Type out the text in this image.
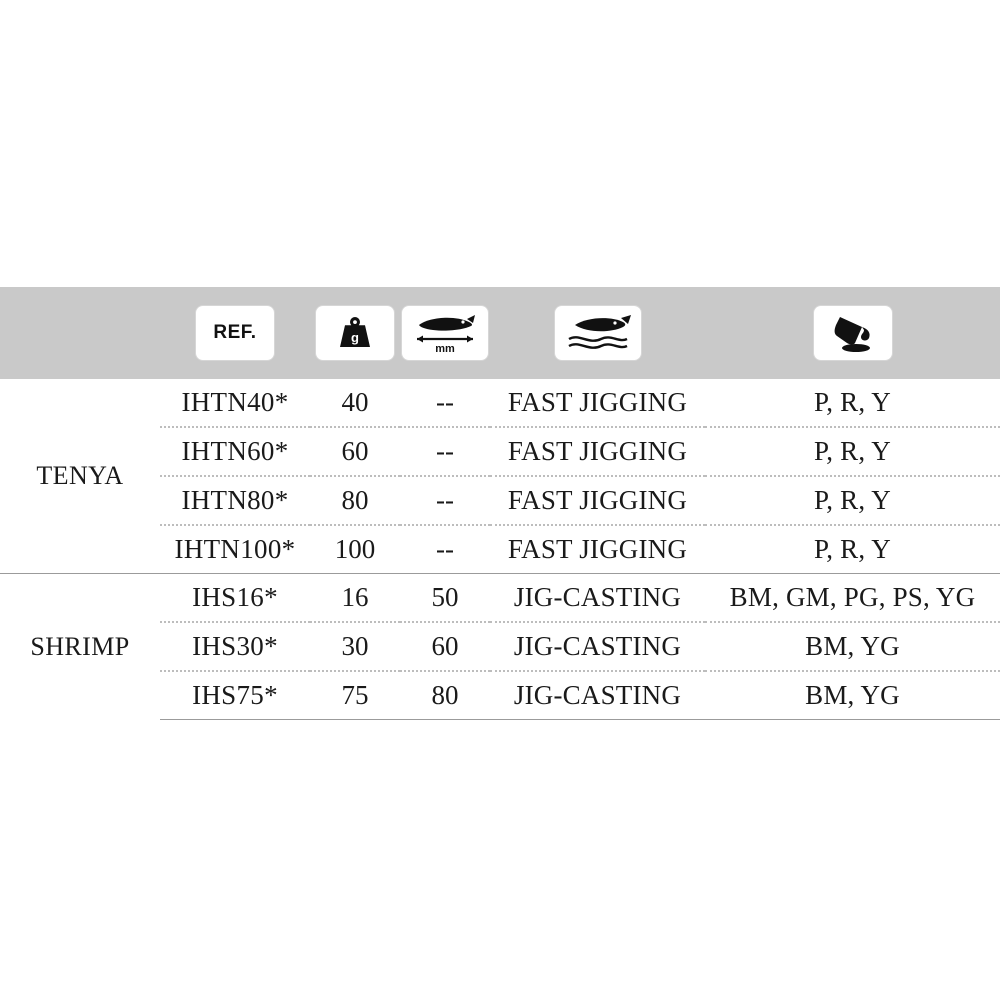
	REF.	g	mm

TENYA	IHTN40*	40	--	FAST JIGGING	P, R, Y
	IHTN60*	60	--	FAST JIGGING	P, R, Y
	IHTN80*	80	--	FAST JIGGING	P, R, Y
	IHTN100*	100	--	FAST JIGGING	P, R, Y
SHRIMP	IHS16*	16	50	JIG-CASTING	BM, GM, PG, PS, YG
	IHS30*	30	60	JIG-CASTING	BM, YG
	IHS75*	75	80	JIG-CASTING	BM, YG
